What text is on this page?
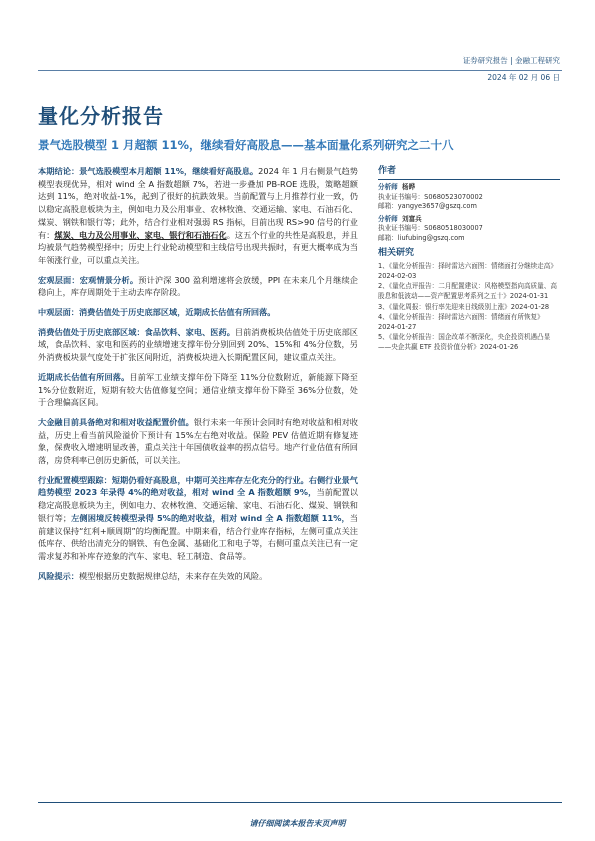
证券研究报告 | 金融工程研究
2024 年 02 月 06 日
量化分析报告
景气选股模型 1 月超额 11%，继续看好高股息——基本面量化系列研究之二十八

本期结论：景气选股模型本月超额 11%，继续看好高股息。2024 年 1 月右侧景气趋势模型表现优异，相对 wind 全 A 指数超额 7%，若进一步叠加 PB-ROE 选股，策略超额达到 11%，绝对收益-1%，起到了很好的抗跌效果。当前配置与上月推荐行业一致，仍以稳定高股息板块为主，例如电力及公用事业、农林牧渔、交通运输、家电、石油石化、煤炭、钢铁和银行等；此外，结合行业相对强弱 RS 指标，目前出现 RS>90 信号的行业有：煤炭、电力及公用事业、家电、银行和石油石化。这五个行业的共性是高股息，并且均被景气趋势模型择中；历史上行业轮动模型和主线信号出现共振时，有更大概率成为当年领涨行业，可以重点关注。

宏观层面：宏观情景分析。预计沪深 300 盈利增速将会放缓，PPI 在未来几个月继续企稳向上，库存周期处于主动去库存阶段。

中观层面：消费估值处于历史底部区域，近期成长估值有所回落。

消费估值处于历史底部区域：食品饮料、家电、医药。目前消费板块估值处于历史底部区域，食品饮料、家电和医药的业绩增速支撑年份分别回到 20%、15%和 4%分位数，另外消费板块景气度处于扩张区间附近，消费板块进入长期配置区间，建议重点关注。

近期成长估值有所回落。目前军工业绩支撑年份下降至 11%分位数附近，新能源下降至 1%分位数附近，短期有较大估值修复空间；通信业绩支撑年份下降至 36%分位数，处于合理偏高区间。

大金融目前具备绝对和相对收益配置价值。银行未来一年预计会同时有绝对收益和相对收益，历史上看当前风险溢价下预计有 15%左右绝对收益。保险 PEV 估值近期有修复迹象，保费收入增速明显改善，重点关注十年国债收益率的拐点信号。地产行业估值有所回落，房贷利率已创历史新低，可以关注。

行业配置模型跟踪：短期仍看好高股息，中期可关注库存左化充分的行业。右侧行业景气趋势模型 2023 年录得 4%的绝对收益，相对 wind 全 A 指数超额 9%，当前配置以稳定高股息板块为主，例如电力、农林牧渔、交通运输、家电、石油石化、煤炭、钢铁和银行等；左侧困境反转模型录得 5%的绝对收益，相对 wind 全 A 指数超额 11%，当前建议保持“红利+顺周期”的均衡配置。中期来看，结合行业库存指标，左侧可重点关注低库存、供给出清充分的钢铁、有色金属、基础化工和电子等，右侧可重点关注已有一定需求复苏和补库存迹象的汽车、家电、轻工制造、食品等。

风险提示：模型根据历史数据规律总结，未来存在失效的风险。

作者

分析师 杨晔

执业证书编号：S0680523070002

邮箱：yangye3657@gszq.com

分析师 刘富兵

执业证书编号：S0680518030007

邮箱：liufubing@gszq.com

相关研究

1、《量化分析报告：择时雷达六面图：情绪面打分继续走高》2024-02-03

2、《量化点评报告：二月配置建议：风格模型指向高质量、高股息和低波动——资产配置思考系列之五十》2024-01-31

3、《量化周报：银行率先迎来日线级别上涨》2024-01-28

4、《量化分析报告：择时雷达六面图：情绪面有所恢复》2024-01-27

5、《量化分析报告：国企改革不断深化，央企投资机遇凸显——央企共赢 ETF 投资价值分析》2024-01-26

请仔细阅读本报告末页声明
